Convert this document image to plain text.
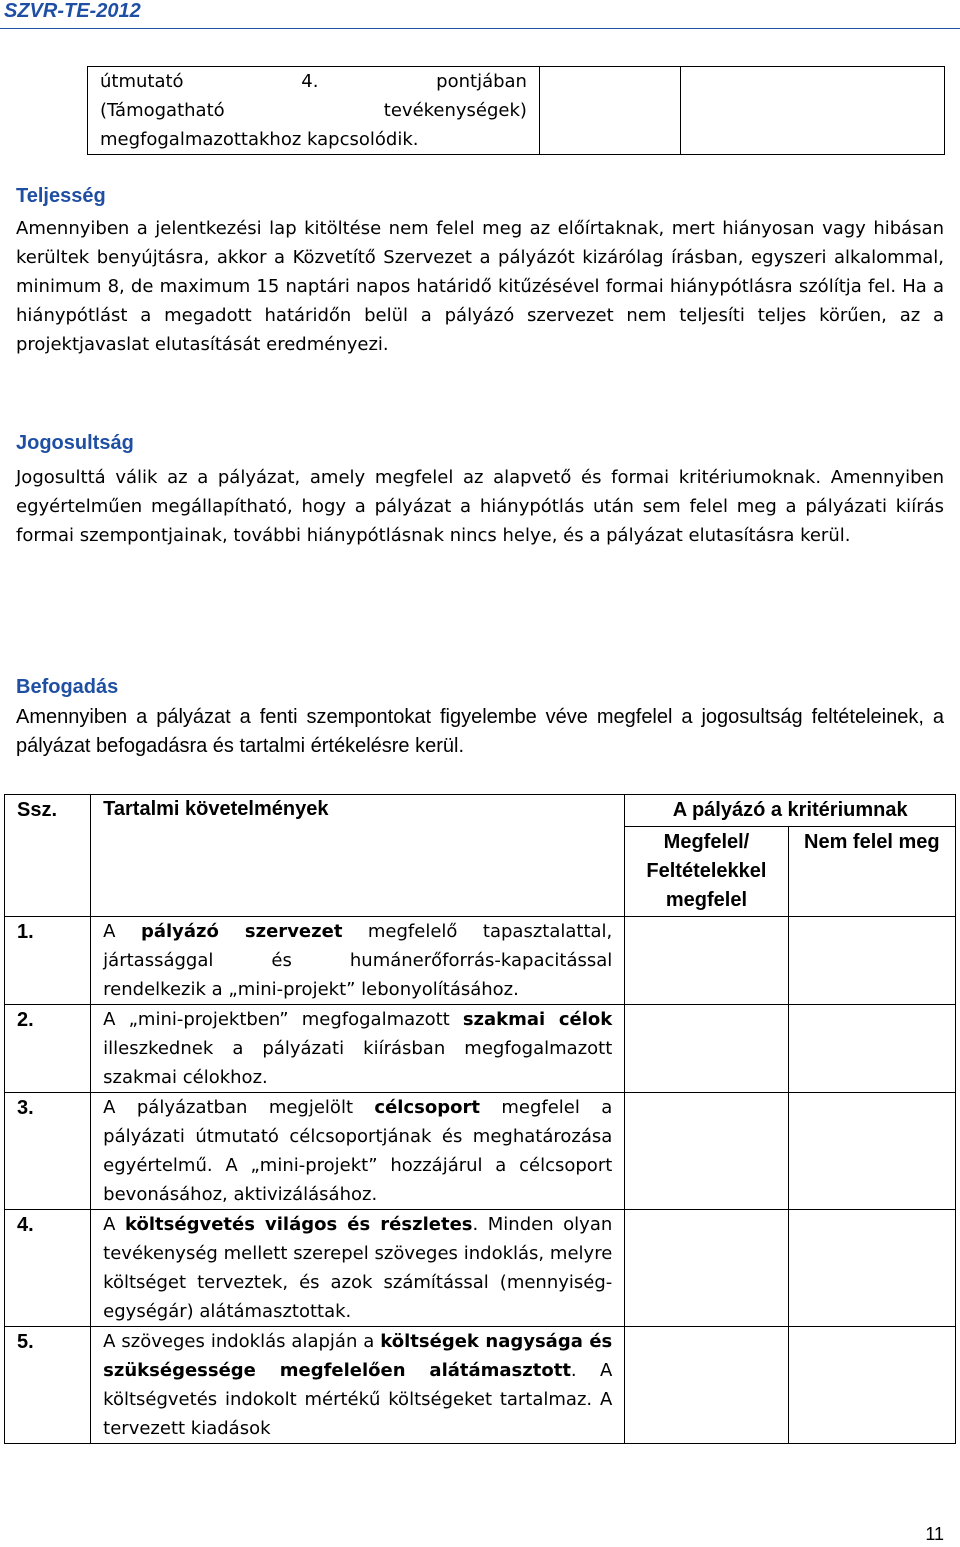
SZVR-TE-2012
útmutató 4. pontjában
(Támogatható tevékenységek)
megfogalmazottakhoz kapcsolódik.

Teljesség
Amennyiben a jelentkezési lap kitöltése nem felel meg az előírtaknak, mert hiányosan vagy hibásan kerültek benyújtásra, akkor a Közvetítő Szervezet a pályázót kizárólag írásban, egyszeri alkalommal, minimum 8, de maximum 15 naptári napos határidő kitűzésével formai hiánypótlásra szólítja fel. Ha a hiánypótlást a megadott határidőn belül a pályázó szervezet nem teljesíti teljes körűen, az a projektjavaslat elutasítását eredményezi.
Jogosultság
Jogosulttá válik az a pályázat, amely megfelel az alapvető és formai kritériumoknak. Amennyiben egyértelműen megállapítható, hogy a pályázat a hiánypótlás után sem felel meg a pályázati kiírás formai szempontjainak, további hiánypótlásnak nincs helye, és a pályázat elutasításra kerül.
Befogadás
Amennyiben a pályázat a fenti szempontokat figyelembe véve megfelel a jogosultság feltételeinek, a pályázat befogadásra és tartalmi értékelésre kerül.
Ssz.	Tartalmi követelmények	A pályázó a kritériumnak	
		Megfelel/ Feltételekkel megfelel	Nem felel meg
1.	A pályázó szervezet megfelelő tapasztalattal, jártassággal és humánerőforrás-kapacitással rendelkezik a „mini-projekt” lebonyolításához.		
2.	A „mini-projektben” megfogalmazott szakmai célok illeszkednek a pályázati kiírásban megfogalmazott szakmai célokhoz.		
3.	A pályázatban megjelölt célcsoport megfelel a pályázati útmutató célcsoportjának és meghatározása egyértelmű. A „mini-projekt” hozzájárul a célcsoport bevonásához, aktivizálásához.		
4.	A költségvetés világos és részletes. Minden olyan tevékenység mellett szerepel szöveges indoklás, melyre költséget terveztek, és azok számítással (mennyiség-egységár) alátámasztottak.		
5.	A szöveges indoklás alapján a költségek nagysága és szükségessége megfelelően alátámasztott. A költségvetés indokolt mértékű költségeket tartalmaz. A tervezett kiadások		
11
